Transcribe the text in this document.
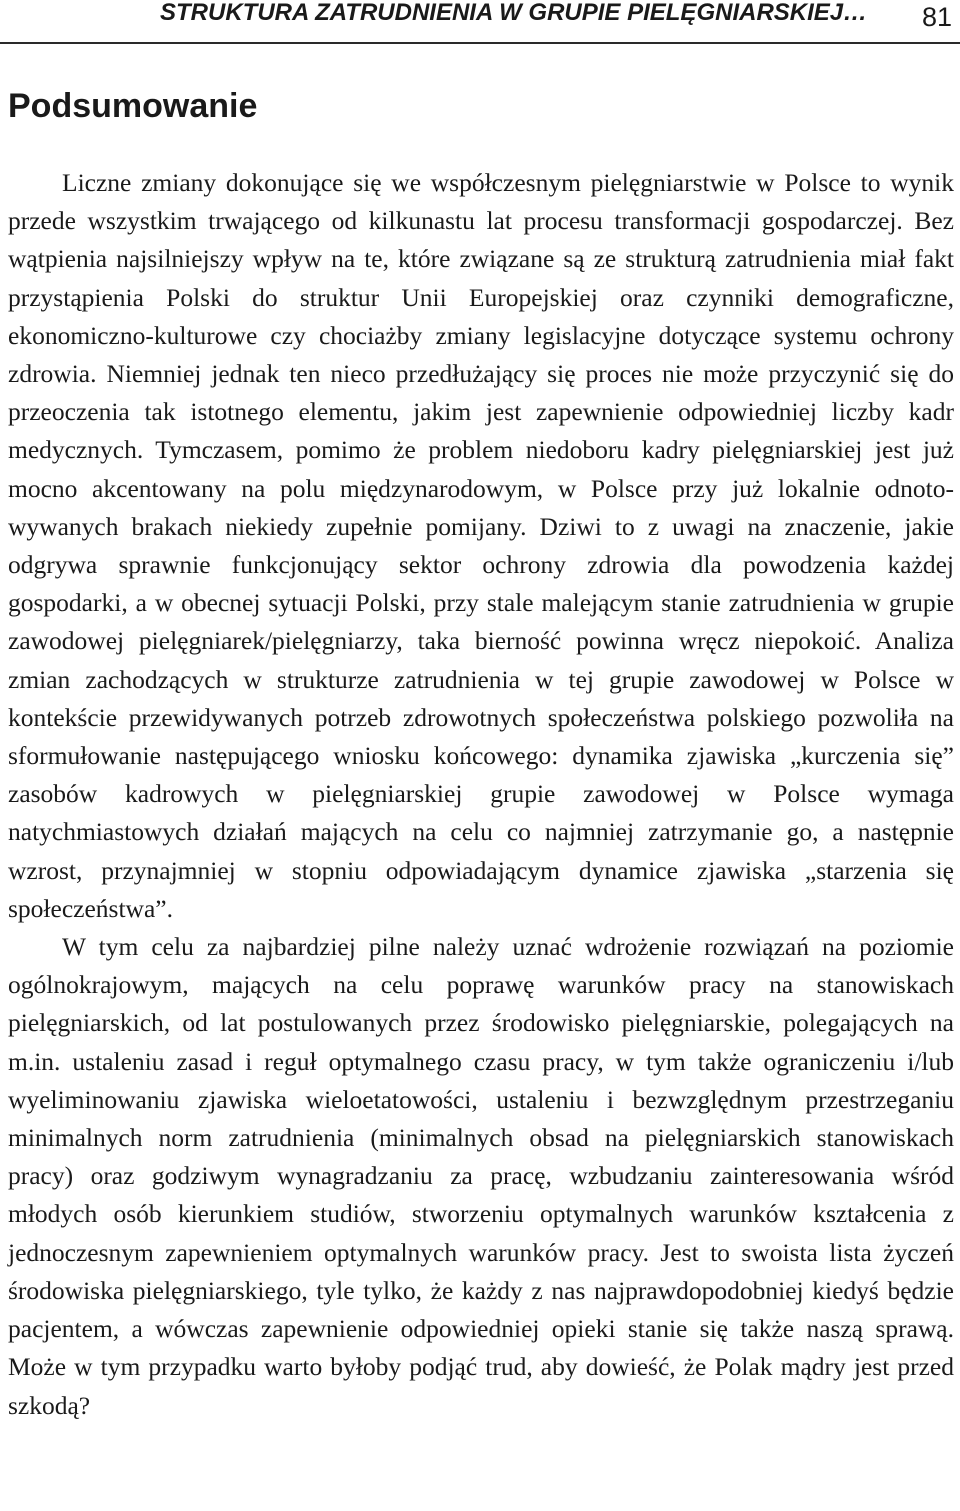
STRUKTURA ZATRUDNIENIA W GRUPIE PIELĘGNIARSKIEJ… 81
Podsumowanie

Liczne zmiany dokonujące się we współczesnym pielęgniarstwie w Polsce to wynik przede wszystkim trwającego od kilkunastu lat procesu transformacji gospodarczej. Bez wątpienia najsilniejszy wpływ na te, które związane są ze strukturą zatrudnienia miał fakt przystąpienia Polski do struktur Unii Europejskiej oraz czynniki demograficzne, ekonomiczno-kulturowe czy chociażby zmiany legislacyjne dotyczące systemu ochrony zdrowia. Niemniej jednak ten nieco przedłużający się proces nie może przyczynić się do przeoczenia tak istotnego elementu, jakim jest zapewnienie odpowiedniej liczby kadr medycznych. Tymczasem, pomimo że problem niedoboru kadry pielęgniarskiej jest już mocno akcentowany na polu międzynarodowym, w Polsce przy już lokalnie odnotowywanych brakach niekiedy zupełnie pomijany. Dziwi to z uwagi na znaczenie, jakie odgrywa sprawnie funkcjonujący sektor ochrony zdrowia dla powodzenia każdej gospodarki, a w obecnej sytuacji Polski, przy stale malejącym stanie zatrudnienia w grupie zawodowej pielęgniarek/pielęgniarzy, taka bierność powinna wręcz niepokoić. Analiza zmian zachodzących w strukturze zatrudnienia w tej grupie zawodowej w Polsce w kontekście przewidywanych potrzeb zdrowotnych społeczeństwa polskiego pozwoliła na sformułowanie następującego wniosku końcowego: dynamika zjawiska „kurczenia się” zasobów kadrowych w pielęgniarskiej grupie zawodowej w Polsce wymaga natychmiastowych działań mających na celu co najmniej zatrzymanie go, a następnie wzrost, przynajmniej w stopniu odpowiadającym dynamice zjawiska „starzenia się społeczeństwa”.

W tym celu za najbardziej pilne należy uznać wdrożenie rozwiązań na poziomie ogólnokrajowym, mających na celu poprawę warunków pracy na stanowiskach pielęgniarskich, od lat postulowanych przez środowisko pielęgniarskie, polegających na m.in. ustaleniu zasad i reguł optymalnego czasu pracy, w tym także ograniczeniu i/lub wyeliminowaniu zjawiska wieloetatowości, ustaleniu i bezwzględnym przestrzeganiu minimalnych norm zatrudnienia (minimalnych obsad na pielęgniarskich stanowiskach pracy) oraz godziwym wynagradzaniu za pracę, wzbudzaniu zainteresowania wśród młodych osób kierunkiem studiów, stworzeniu optymalnych warunków kształcenia z jednoczesnym zapewnieniem optymalnych warunków pracy. Jest to swoista lista życzeń środowiska pielęgniarskiego, tyle tylko, że każdy z nas najprawdopodobniej kiedyś będzie pacjentem, a wówczas zapewnienie odpowiedniej opieki stanie się także naszą sprawą. Może w tym przypadku warto byłoby podjąć trud, aby dowieść, że Polak mądry jest przed szkodą?
